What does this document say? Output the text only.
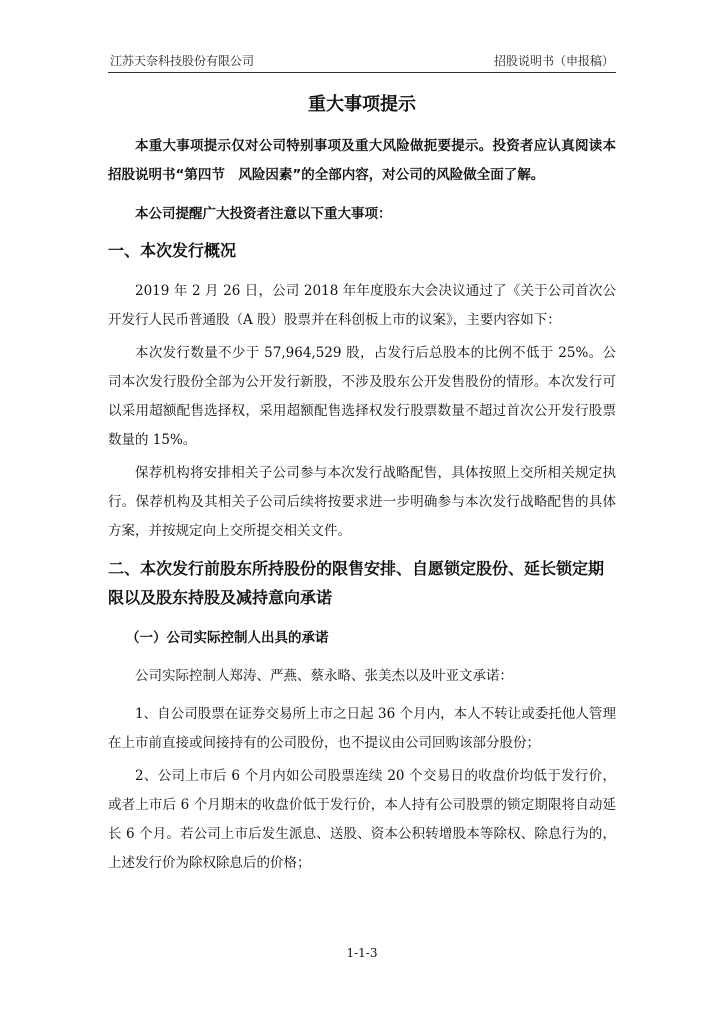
江苏天奈科技股份有限公司	招股说明书（申报稿）
重大事项提示

本重大事项提示仅对公司特别事项及重大风险做扼要提示。投资者应认真阅读本招股说明书“第四节　风险因素”的全部内容，对公司的风险做全面了解。

本公司提醒广大投资者注意以下重大事项：

一、本次发行概况

2019 年 2 月 26 日，公司 2018 年年度股东大会决议通过了《关于公司首次公开发行人民币普通股（A 股）股票并在科创板上市的议案》，主要内容如下：

本次发行数量不少于 57,964,529 股，占发行后总股本的比例不低于 25%。公司本次发行股份全部为公开发行新股，不涉及股东公开发售股份的情形。本次发行可以采用超额配售选择权，采用超额配售选择权发行股票数量不超过首次公开发行股票数量的 15%。

保荐机构将安排相关子公司参与本次发行战略配售，具体按照上交所相关规定执行。保荐机构及其相关子公司后续将按要求进一步明确参与本次发行战略配售的具体方案，并按规定向上交所提交相关文件。

二、本次发行前股东所持股份的限售安排、自愿锁定股份、延长锁定期限以及股东持股及减持意向承诺

（一）公司实际控制人出具的承诺

公司实际控制人郑涛、严燕、蔡永略、张美杰以及叶亚文承诺：

1、自公司股票在证券交易所上市之日起 36 个月内，本人不转让或委托他人管理在上市前直接或间接持有的公司股份，也不提议由公司回购该部分股份；

2、公司上市后 6 个月内如公司股票连续 20 个交易日的收盘价均低于发行价，或者上市后 6 个月期末的收盘价低于发行价，本人持有公司股票的锁定期限将自动延长 6 个月。若公司上市后发生派息、送股、资本公积转增股本等除权、除息行为的，上述发行价为除权除息后的价格；

1-1-3
